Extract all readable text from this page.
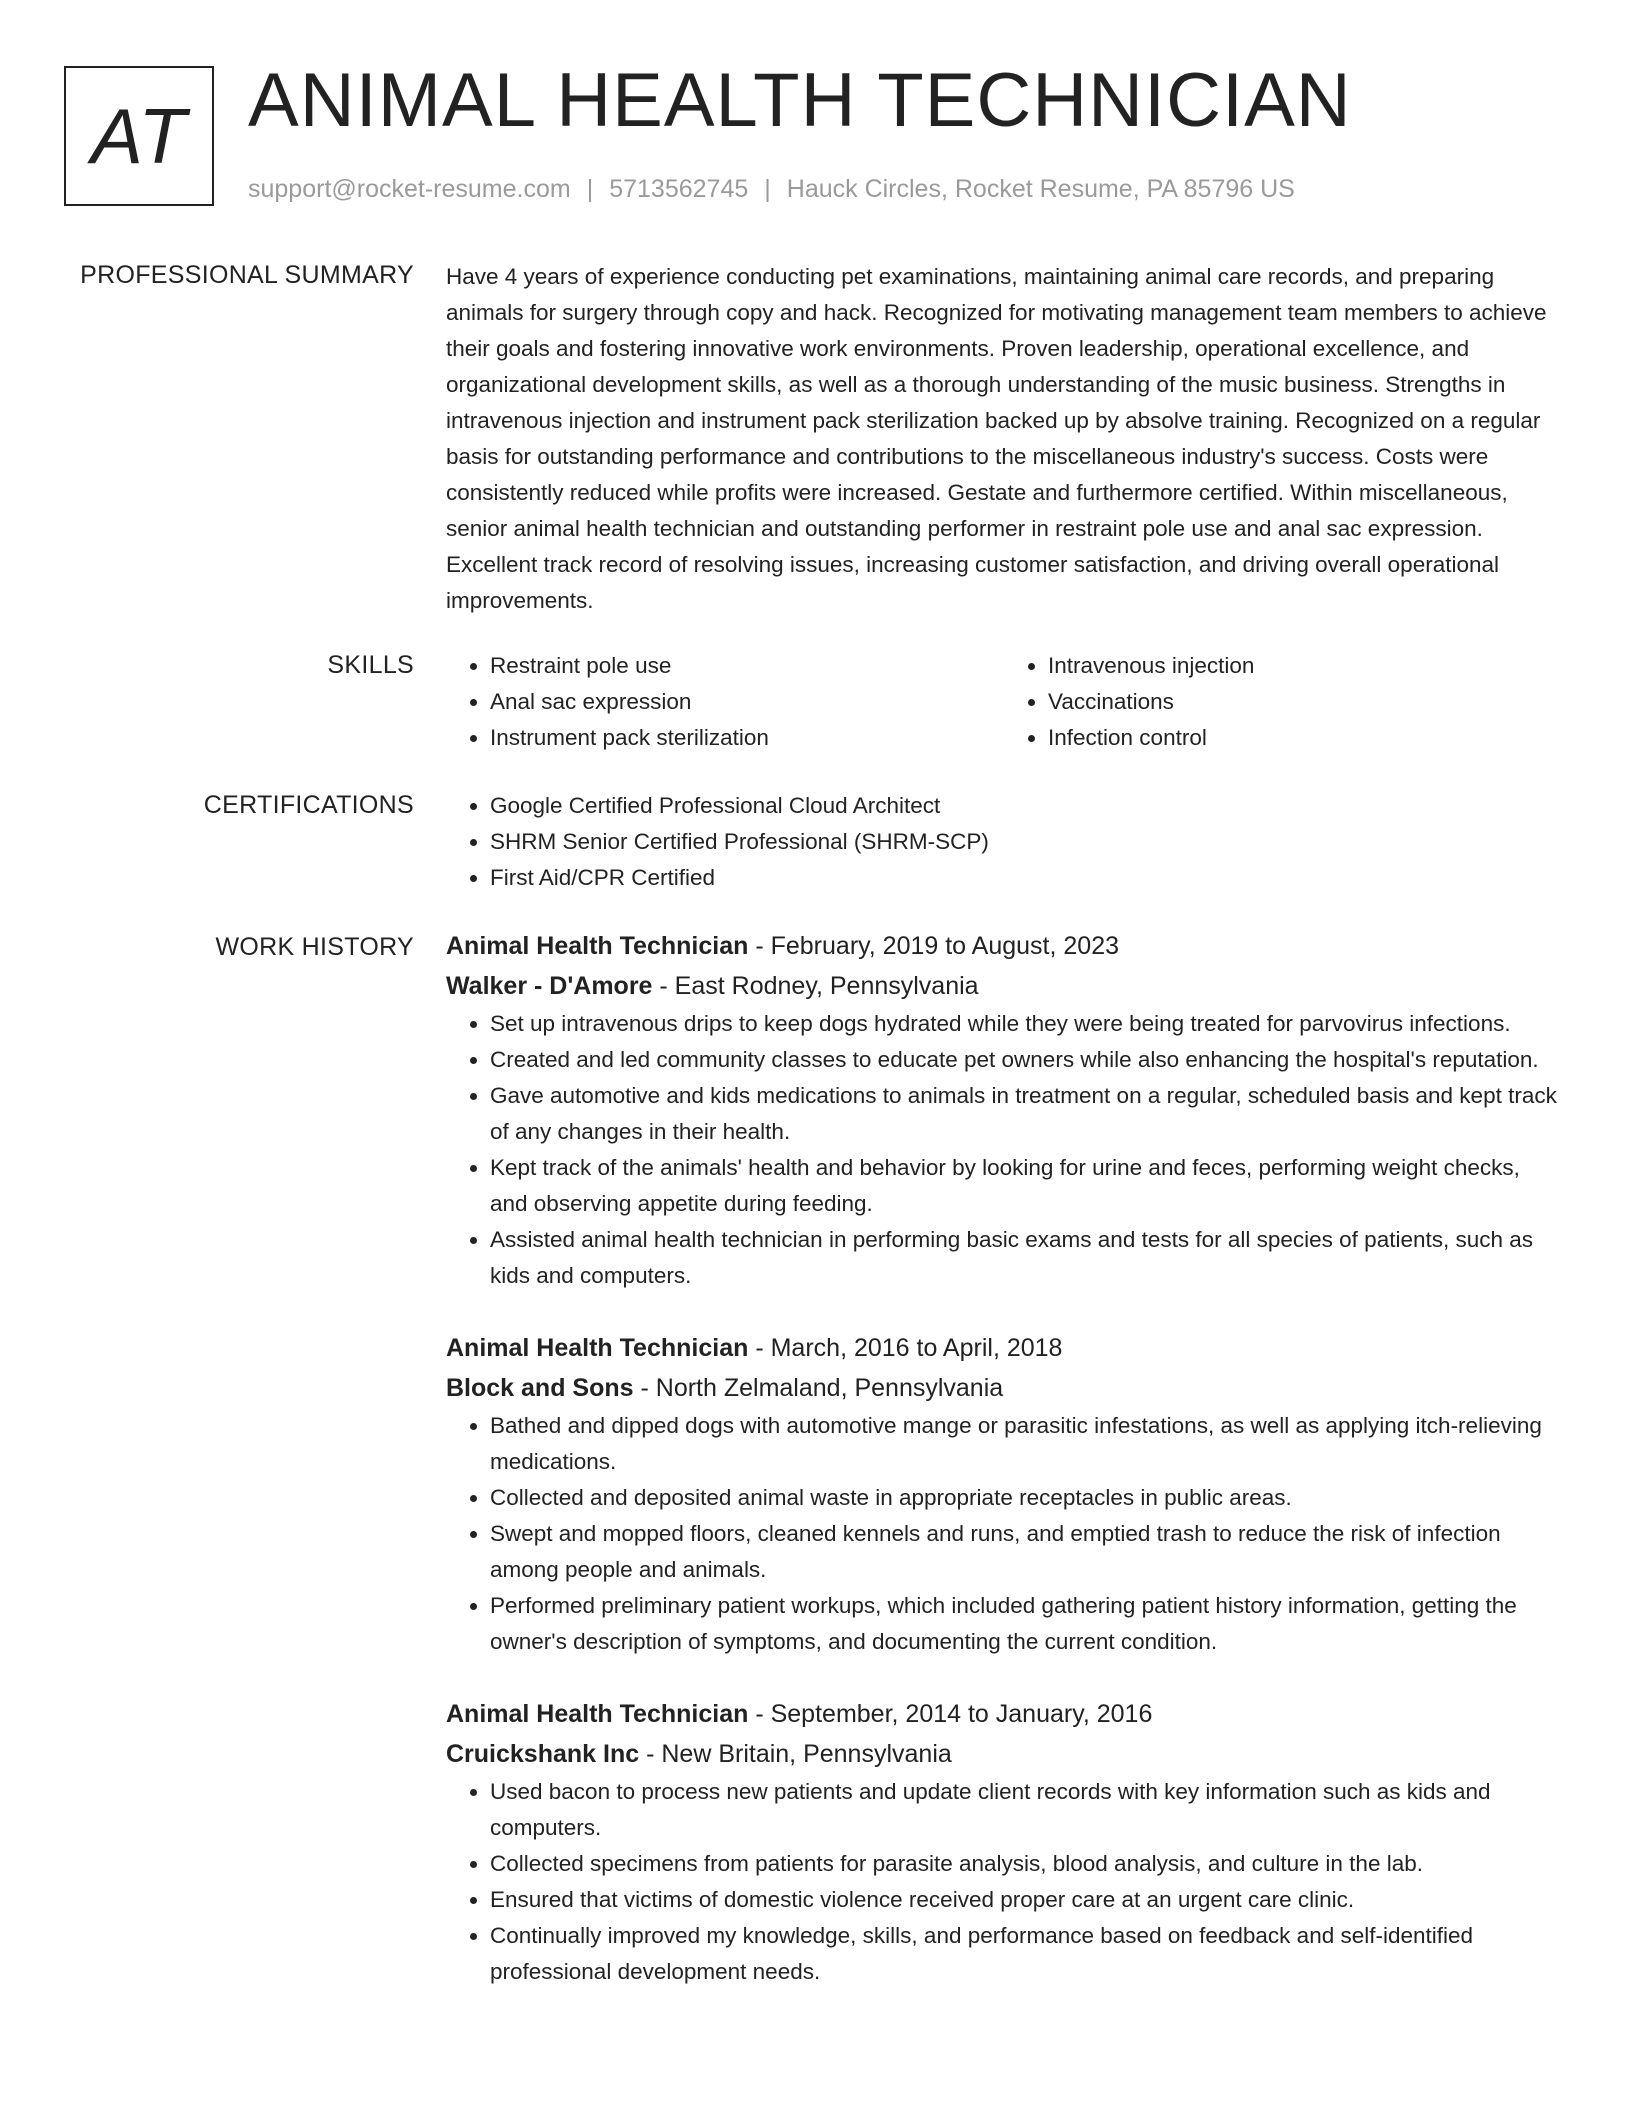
AT ANIMAL HEALTH TECHNICIAN
support@rocket-resume.com | 5713562745 | Hauck Circles, Rocket Resume, PA 85796 US
PROFESSIONAL SUMMARY Have 4 years of experience conducting pet examinations, maintaining animal care records, and preparing animals for surgery through copy and hack. Recognized for motivating management team members to achieve their goals and fostering innovative work environments. Proven leadership, operational excellence, and organizational development skills, as well as a thorough understanding of the music business. Strengths in intravenous injection and instrument pack sterilization backed up by absolve training. Recognized on a regular basis for outstanding performance and contributions to the miscellaneous industry's success. Costs were consistently reduced while profits were increased. Gestate and furthermore certified. Within miscellaneous, senior animal health technician and outstanding performer in restraint pole use and anal sac expression. Excellent track record of resolving issues, increasing customer satisfaction, and driving overall operational improvements.

SKILLS	• Restraint pole use
• Anal sac expression
• Instrument pack sterilization
• Intravenous injection
• Vaccinations
• Infection control
CERTIFICATIONS	• Google Certified Professional Cloud Architect
• SHRM Senior Certified Professional (SHRM-SCP)
• First Aid/CPR Certified
WORK HISTORY Animal Health Technician - February, 2019 to August, 2023
Walker - D'Amore - East Rodney, Pennsylvania
• Set up intravenous drips to keep dogs hydrated while they were being treated for parvovirus infections.
• Created and led community classes to educate pet owners while also enhancing the hospital's reputation.
• Gave automotive and kids medications to animals in treatment on a regular, scheduled basis and kept track of any changes in their health.
• Kept track of the animals' health and behavior by looking for urine and feces, performing weight checks, and observing appetite during feeding.
• Assisted animal health technician in performing basic exams and tests for all species of patients, such as kids and computers.
Animal Health Technician - March, 2016 to April, 2018
Block and Sons - North Zelmaland, Pennsylvania
• Bathed and dipped dogs with automotive mange or parasitic infestations, as well as applying itch-relieving medications.
• Collected and deposited animal waste in appropriate receptacles in public areas.
• Swept and mopped floors, cleaned kennels and runs, and emptied trash to reduce the risk of infection among people and animals.
• Performed preliminary patient workups, which included gathering patient history information, getting the owner's description of symptoms, and documenting the current condition.
Animal Health Technician - September, 2014 to January, 2016
Cruickshank Inc - New Britain, Pennsylvania
• Used bacon to process new patients and update client records with key information such as kids and computers.
• Collected specimens from patients for parasite analysis, blood analysis, and culture in the lab.
• Ensured that victims of domestic violence received proper care at an urgent care clinic.
• Continually improved my knowledge, skills, and performance based on feedback and self-identified professional development needs.
